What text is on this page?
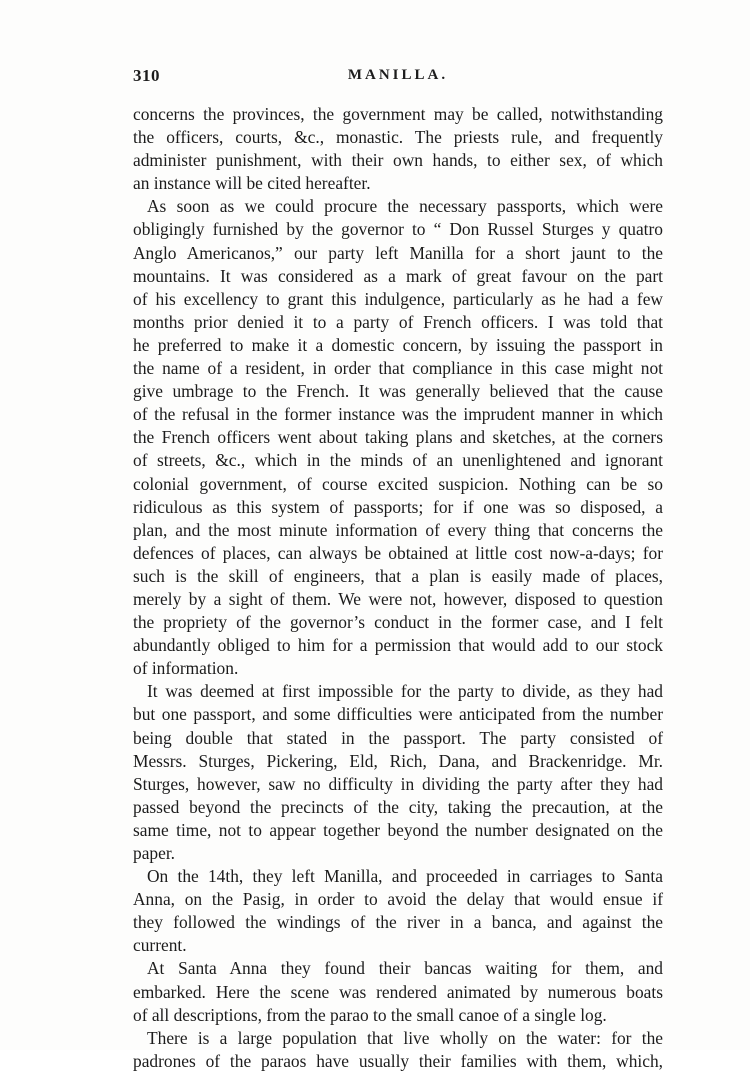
310	MANILLA.
concerns the provinces, the government may be called, notwithstanding
the officers, courts, &c., monastic. The priests rule, and frequently
administer punishment, with their own hands, to either sex, of which
an instance will be cited hereafter.
As soon as we could procure the necessary passports, which were
obligingly furnished by the governor to “ Don Russel Sturges y quatro
Anglo Americanos,” our party left Manilla for a short jaunt to the
mountains. It was considered as a mark of great favour on the part
of his excellency to grant this indulgence, particularly as he had a few
months prior denied it to a party of French officers. I was told that
he preferred to make it a domestic concern, by issuing the passport in
the name of a resident, in order that compliance in this case might not
give umbrage to the French. It was generally believed that the cause
of the refusal in the former instance was the imprudent manner in which
the French officers went about taking plans and sketches, at the corners
of streets, &c., which in the minds of an unenlightened and ignorant
colonial government, of course excited suspicion. Nothing can be so
ridiculous as this system of passports; for if one was so disposed, a
plan, and the most minute information of every thing that concerns the
defences of places, can always be obtained at little cost now-a-days; for
such is the skill of engineers, that a plan is easily made of places,
merely by a sight of them. We were not, however, disposed to question
the propriety of the governor’s conduct in the former case, and I felt
abundantly obliged to him for a permission that would add to our stock
of information.
It was deemed at first impossible for the party to divide, as they had
but one passport, and some difficulties were anticipated from the number
being double that stated in the passport. The party consisted of
Messrs. Sturges, Pickering, Eld, Rich, Dana, and Brackenridge. Mr.
Sturges, however, saw no difficulty in dividing the party after they had
passed beyond the precincts of the city, taking the precaution, at the
same time, not to appear together beyond the number designated on the
paper.
On the 14th, they left Manilla, and proceeded in carriages to Santa
Anna, on the Pasig, in order to avoid the delay that would ensue if
they followed the windings of the river in a banca, and against the
current.
At Santa Anna they found their bancas waiting for them, and
embarked. Here the scene was rendered animated by numerous boats
of all descriptions, from the parao to the small canoe of a single log.
There is a large population that live wholly on the water: for the
padrones of the paraos have usually their families with them, which,
